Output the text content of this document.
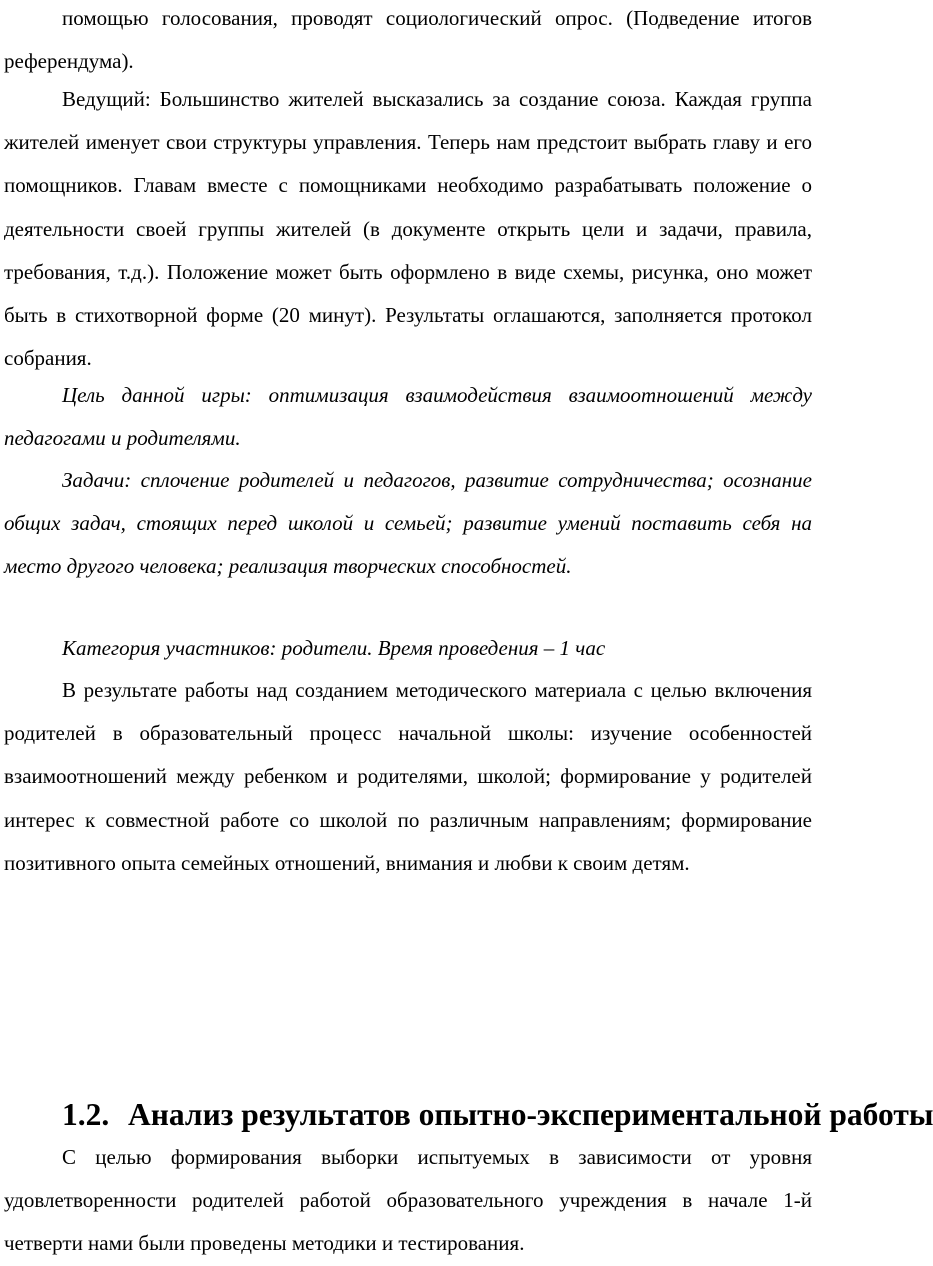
помощью голосования, проводят социологический опрос. (Подведение итогов референдума).

Ведущий: Большинство жителей высказались за создание союза. Каждая группа жителей именует свои структуры управления. Теперь нам предстоит выбрать главу и его помощников. Главам вместе с помощниками необходимо разрабатывать положение о деятельности своей группы жителей (в документе открыть цели и задачи, правила, требования, т.д.). Положение может быть оформлено в виде схемы, рисунка, оно может быть в стихотворной форме (20 минут). Результаты оглашаются, заполняется протокол собрания.

Цель данной игры: оптимизация взаимодействия взаимоотношений между педагогами и родителями.

Задачи: сплочение родителей и педагогов, развитие сотрудничества; осознание общих задач, стоящих перед школой и семьей; развитие умений поставить себя на место другого человека; реализация творческих способностей.

Категория участников: родители. Время проведения – 1 час

В результате работы над созданием методического материала с целью включения родителей в образовательный процесс начальной школы: изучение особенностей взаимоотношений между ребенком и родителями, школой; формирование у родителей интерес к совместной работе со школой по различным направлениям; формирование позитивного опыта семейных отношений, внимания и любви к своим детям.

1.2. Анализ результатов опытно-экспериментальной работы

С целью формирования выборки испытуемых в зависимости от уровня удовлетворенности родителей работой образовательного учреждения в начале 1-й четверти нами были проведены методики и тестирования.
